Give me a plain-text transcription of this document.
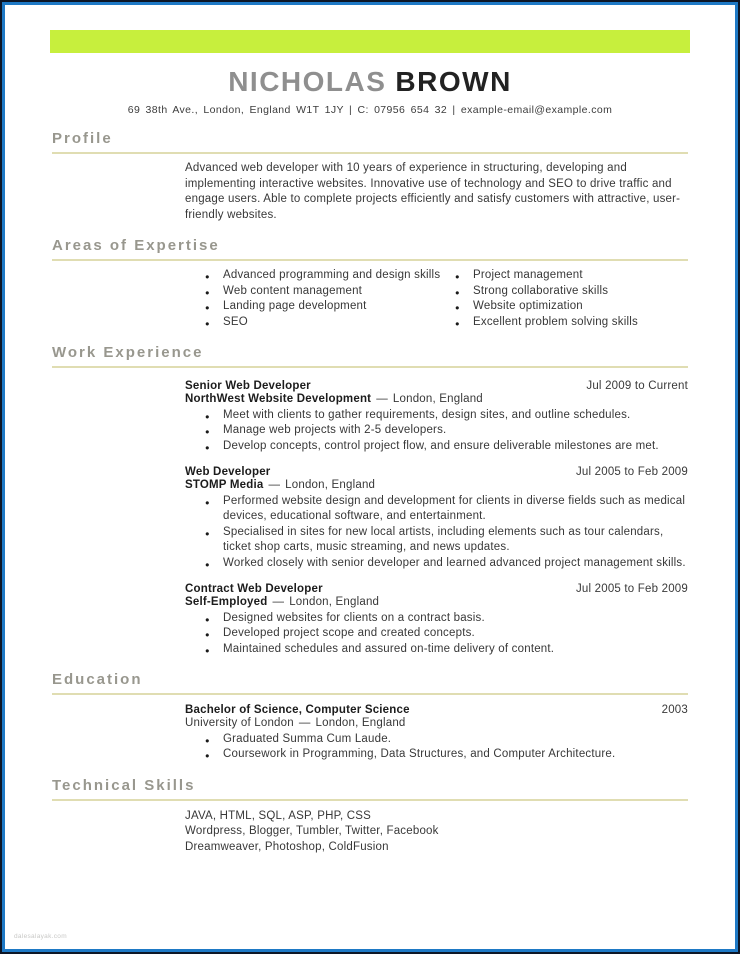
NICHOLAS BROWN
69 38th Ave., London, England W1T 1JY | C: 07956 654 32 | example-email@example.com
Profile

Advanced web developer with 10 years of experience in structuring, developing and implementing interactive websites. Innovative use of technology and SEO to drive traffic and engage users. Able to complete projects efficiently and satisfy customers with attractive, user-friendly websites.

Areas of Expertise
● Advanced programming and design skills
● Web content management
● Landing page development
● SEO
● Project management
● Strong collaborative skills
● Website optimization
● Excellent problem solving skills
Work Experience
Senior Web Developer	Jul 2009 to Current
NorthWest Website Development — London, England
● Meet with clients to gather requirements, design sites, and outline schedules.
● Manage web projects with 2-5 developers.
● Develop concepts, control project flow, and ensure deliverable milestones are met.
Web Developer	Jul 2005 to Feb 2009
STOMP Media — London, England
● Performed website design and development for clients in diverse fields such as medical devices, educational software, and entertainment.
● Specialised in sites for new local artists, including elements such as tour calendars, ticket shop carts, music streaming, and news updates.
● Worked closely with senior developer and learned advanced project management skills.
Contract Web Developer	Jul 2005 to Feb 2009
Self-Employed — London, England
● Designed websites for clients on a contract basis.
● Developed project scope and created concepts.
● Maintained schedules and assured on-time delivery of content.
Education
Bachelor of Science, Computer Science	2003
University of London — London, England
● Graduated Summa Cum Laude.
● Coursework in Programming, Data Structures, and Computer Architecture.
Technical Skills
JAVA, HTML, SQL, ASP, PHP, CSS
Wordpress, Blogger, Tumbler, Twitter, Facebook
Dreamweaver, Photoshop, ColdFusion
dalesalayak.com
